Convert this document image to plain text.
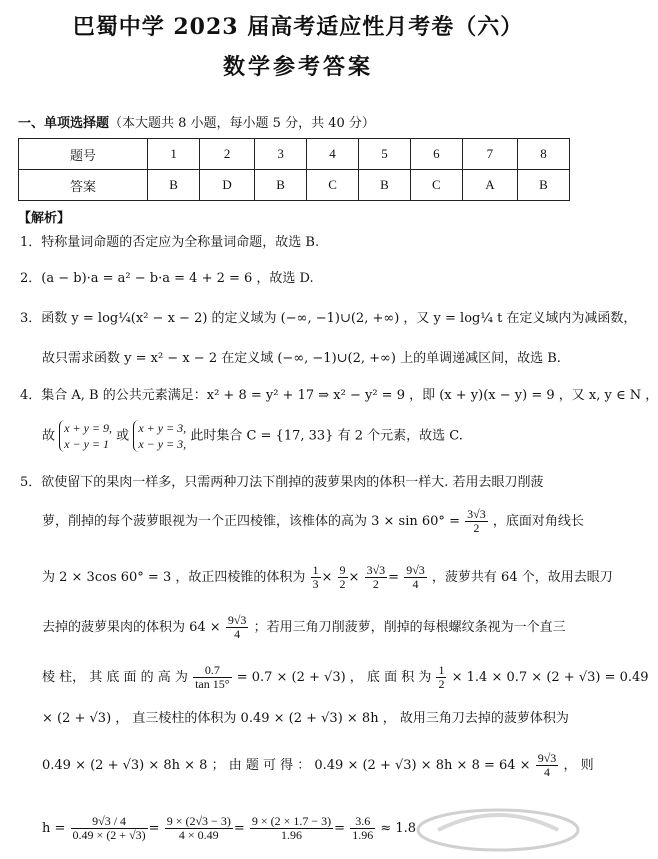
巴蜀中学 2023 届高考适应性月考卷（六）
数学参考答案
一、单项选择题（本大题共 8 小题，每小题 5 分，共 40 分）
题号	1	2	3	4	5	6	7	8
答案	B	D	B	C	B	C	A	B
【解析】
1．特称量词命题的否定应为全称量词命题，故选 B.
2．(a − b)·a = a² − b·a = 4 + 2 = 6 ，故选 D.
3．函数 y = log¼(x² − x − 2) 的定义域为 (−∞, −1)∪(2, +∞) ，又 y = log¼ t 在定义域内为减函数，
故只需求函数 y = x² − x − 2 在定义域 (−∞, −1)∪(2, +∞) 上的单调递减区间，故选 B.
4．集合 A, B 的公共元素满足：x² + 8 = y² + 17 ⇒ x² − y² = 9 ，即 (x + y)(x − y) = 9 ，又 x, y ∈ N ，
故 x + y = 9,
x − y = 1 或 x + y = 3,
x − y = 3, 此时集合 C = {17, 33} 有 2 个元素，故选 C.
5．欲使留下的果肉一样多，只需两种刀法下削掉的菠萝果肉的体积一样大. 若用去眼刀削菠
萝，削掉的每个菠萝眼视为一个正四棱锥，该椎体的高为 $3 \times \sin 60^\circ = \frac{3√3}{2}$ ，底面对角线长
为 2 × 3cos 60° = 3 ，故正四棱锥的体积为 $\frac{1}{3} \times \frac{9}{2} \times \frac{3√3}{2} = \frac{9√3}{4}$ ，菠萝共有 64 个，故用去眼刀
去掉的菠萝果肉的体积为 $64 \times \frac{9√3}{4}$ ；若用三角刀削菠萝，削掉的每根螺纹条视为一个直三
棱 柱， 其 底 面 的 高 为 $\frac{0.7}{\tan 15^\circ} = 0.7 \times (2 + √3)$ ， 底 面 积 为 $\frac{1}{2} \times 1.4 \times 0.7 \times (2 + √3) = 0.49$
× (2 + √3) ， 直三棱柱的体积为 0.49 × (2 + √3) × 8h ， 故用三角刀去掉的菠萝体积为
0.49 × (2 + √3) × 8h × 8 ； 由 题 可 得 ： $0.49 \times (2 + √3) \times 8h \times 8 = 64 \times \frac{9√3}{4}$ ， 则
$h = \frac{9√3 / 4}{0.49 \times (2 + √3)} = \frac{9 \times (2√3 - 3)}{4 \times 0.49} = \frac{9 \times (2 \times 1.7 - 3)}{1.96} = \frac{3.6}{1.96} \approx 1.8$
